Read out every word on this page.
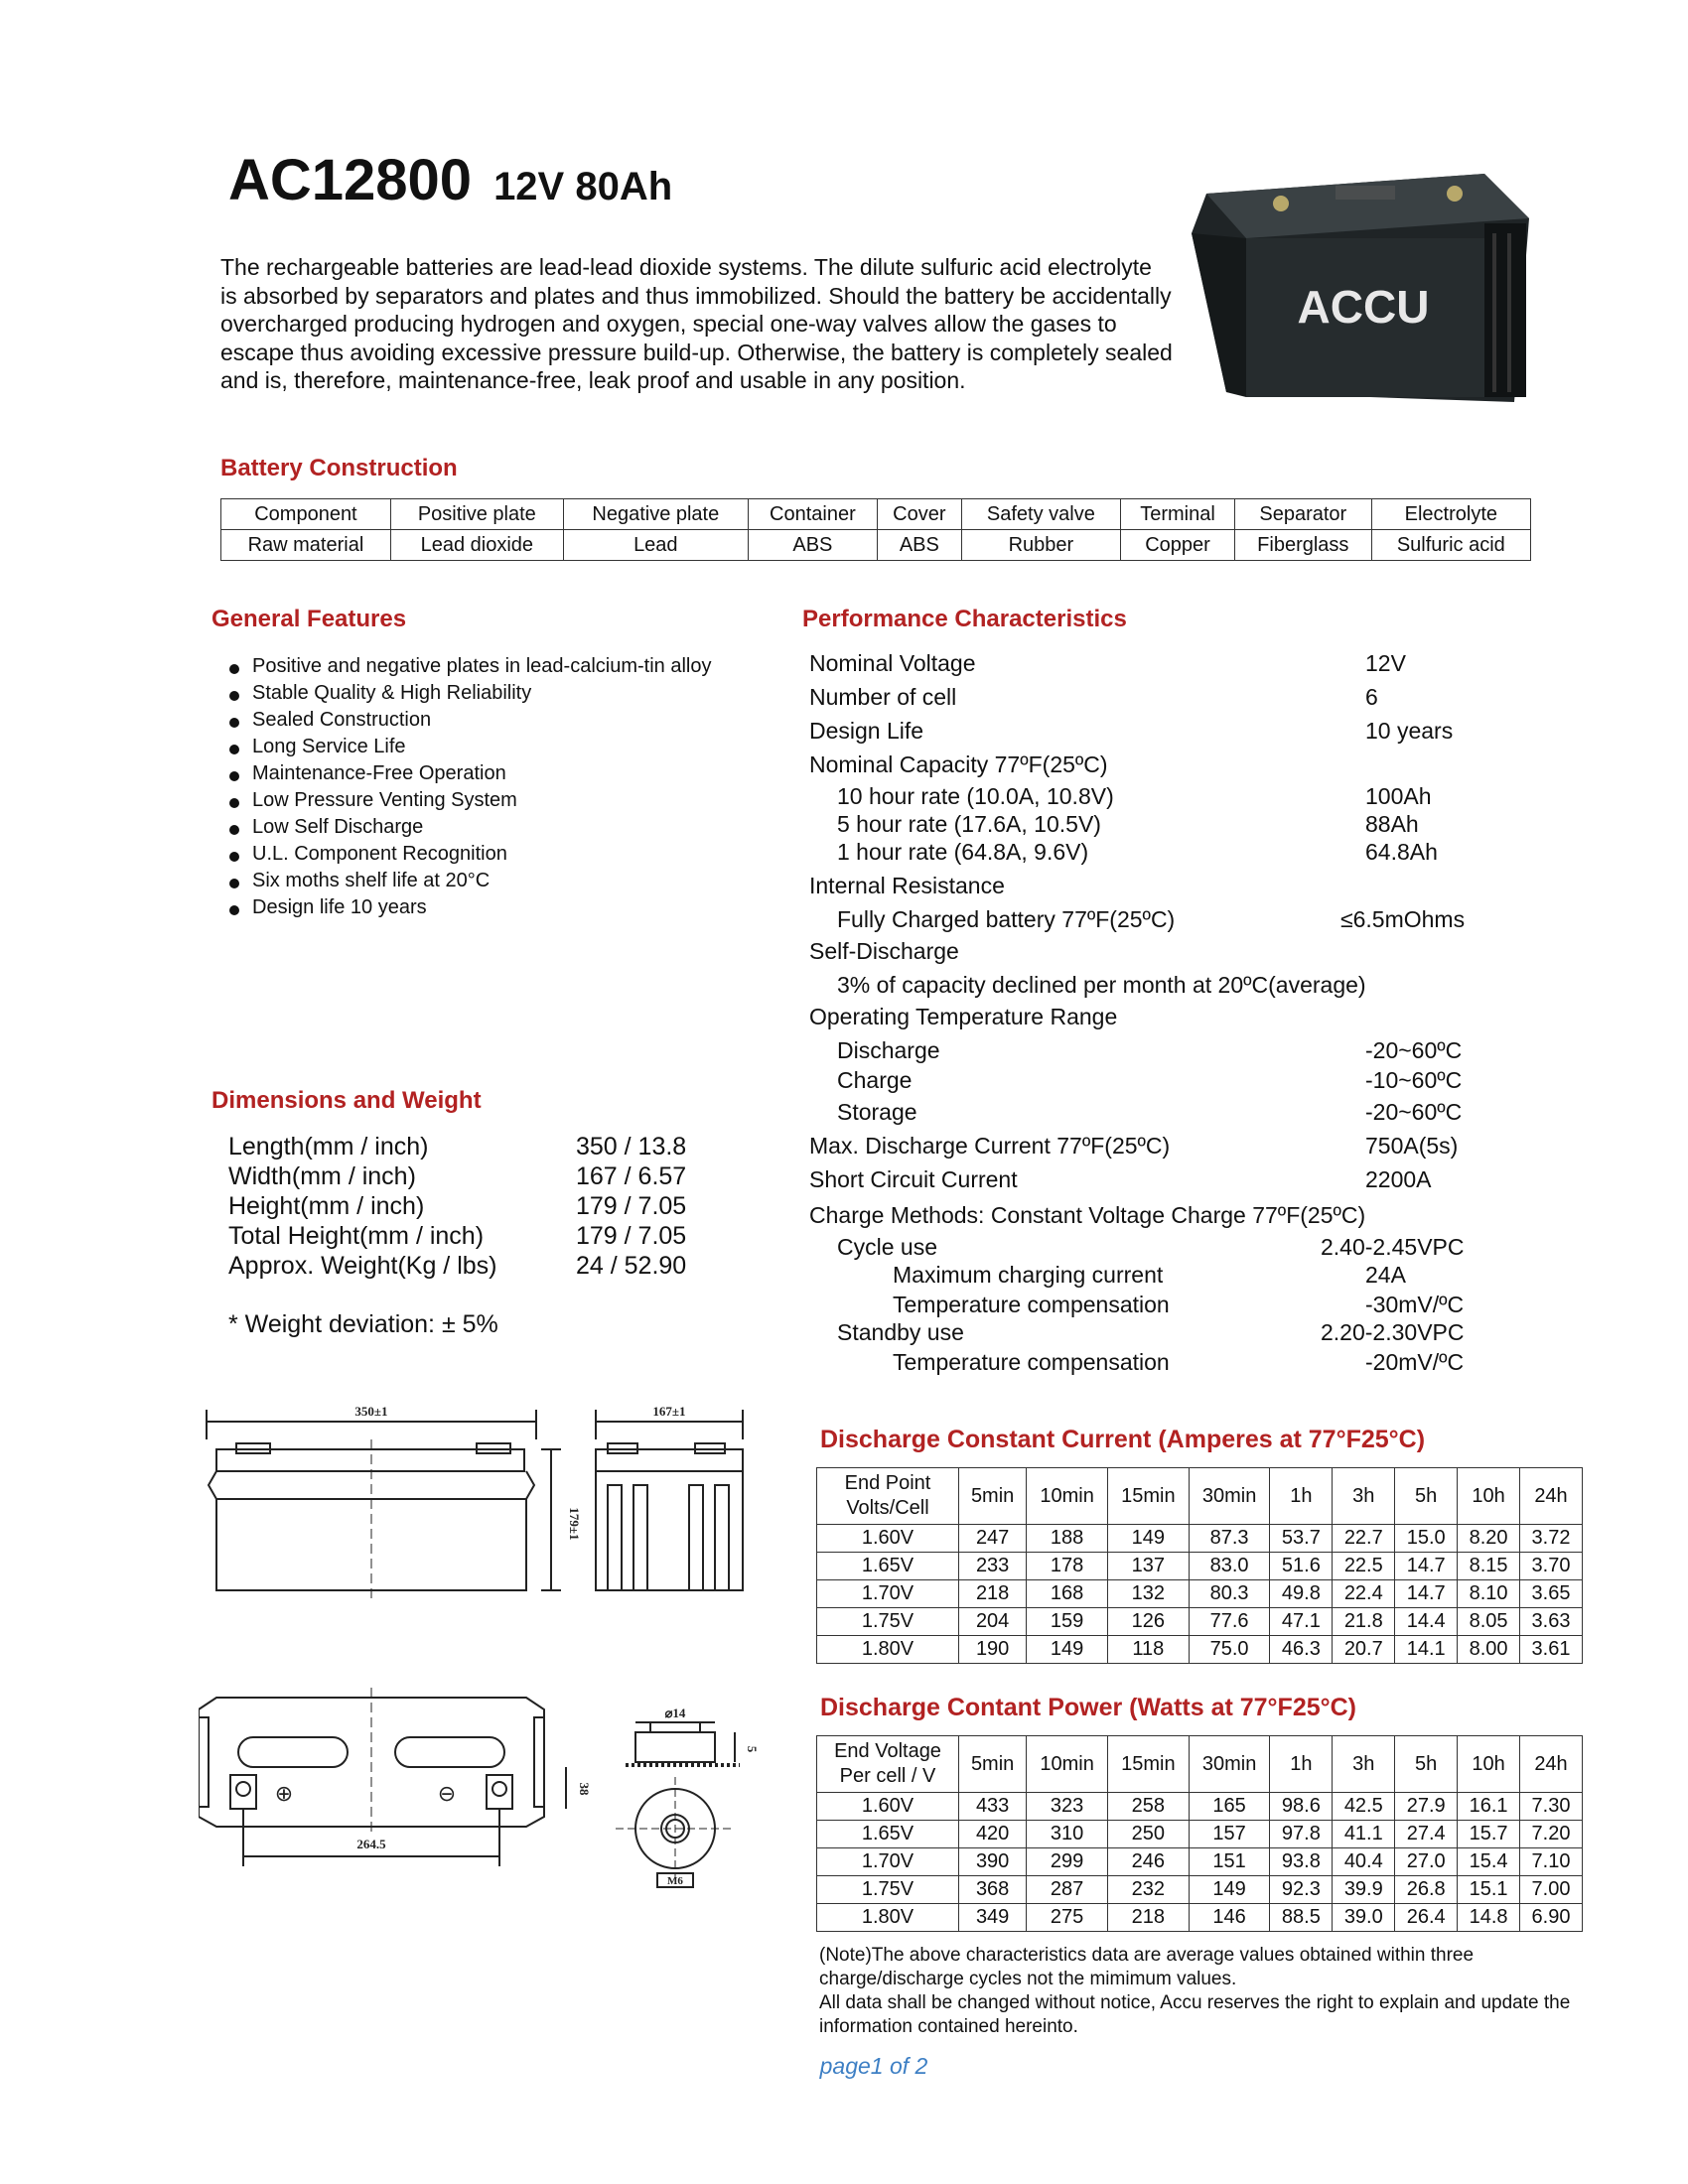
AC12800 12V 80Ah
The rechargeable batteries are lead-lead dioxide systems. The dilute sulfuric acid electrolyte is absorbed by separators and plates and thus immobilized. Should the battery be accidentally overcharged producing hydrogen and oxygen, special one-way valves allow the gases to escape thus avoiding excessive pressure build-up. Otherwise, the battery is completely sealed and is, therefore, maintenance-free, leak proof and usable in any position.
ACCU
Battery Construction
Component	Positive plate	Negative plate	Container	Cover	Safety valve	Terminal	Separator	Electrolyte
Raw material	Lead dioxide	Lead	ABS	ABS	Rubber	Copper	Fiberglass	Sulfuric acid
General Features
Positive and negative plates in lead-calcium-tin alloy
Stable Quality & High Reliability
Sealed Construction
Long Service Life
Maintenance-Free Operation
Low Pressure Venting System
Low Self Discharge
U.L. Component Recognition
Six moths shelf life at 20°C
Design life 10 years
Dimensions and Weight
Length(mm / inch)	350 / 13.8
Width(mm / inch)	167 / 6.57
Height(mm / inch)	179 / 7.05
Total Height(mm / inch)	179 / 7.05
Approx. Weight(Kg / lbs)	24 / 52.90
* Weight deviation: ± 5%
Performance Characteristics
Nominal Voltage	12V
Number of cell	6
Design Life	10 years
Nominal Capacity 77ºF(25ºC)
10 hour rate (10.0A, 10.8V)	100Ah
5 hour rate (17.6A, 10.5V)	88Ah
1 hour rate (64.8A, 9.6V)	64.8Ah
Internal Resistance
Fully Charged battery 77ºF(25ºC)	≤6.5mOhms
Self-Discharge
3% of capacity declined per month at 20ºC(average)
Operating Temperature Range
Discharge	-20~60ºC
Charge	-10~60ºC
Storage	-20~60ºC
Max. Discharge Current 77ºF(25ºC)	750A(5s)
Short Circuit Current	2200A
Charge Methods: Constant Voltage Charge 77ºF(25ºC)
Cycle use	2.40-2.45VPC
Maximum charging current	24A
Temperature compensation	-30mV/ºC
Standby use	2.20-2.30VPC
Temperature compensation	-20mV/ºC
350±1	167±1
179±1
264.5
38
⌀14
5
M6
⊕	⊖
Discharge Constant Current (Amperes at 77°F25°C)
End Point
Volts/Cell	5min	10min	15min	30min	1h	3h	5h	10h	24h
1.60V	247	188	149	87.3	53.7	22.7	15.0	8.20	3.72
1.65V	233	178	137	83.0	51.6	22.5	14.7	8.15	3.70
1.70V	218	168	132	80.3	49.8	22.4	14.7	8.10	3.65
1.75V	204	159	126	77.6	47.1	21.8	14.4	8.05	3.63
1.80V	190	149	118	75.0	46.3	20.7	14.1	8.00	3.61
Discharge Contant Power (Watts at 77°F25°C)
End Voltage
Per cell / V	5min	10min	15min	30min	1h	3h	5h	10h	24h
1.60V	433	323	258	165	98.6	42.5	27.9	16.1	7.30
1.65V	420	310	250	157	97.8	41.1	27.4	15.7	7.20
1.70V	390	299	246	151	93.8	40.4	27.0	15.4	7.10
1.75V	368	287	232	149	92.3	39.9	26.8	15.1	7.00
1.80V	349	275	218	146	88.5	39.0	26.4	14.8	6.90
(Note)The above characteristics data are average values obtained within three charge/discharge cycles not the mimimum values.
All data shall be changed without notice, Accu reserves the right to explain and update the information contained hereinto.
page1 of 2
